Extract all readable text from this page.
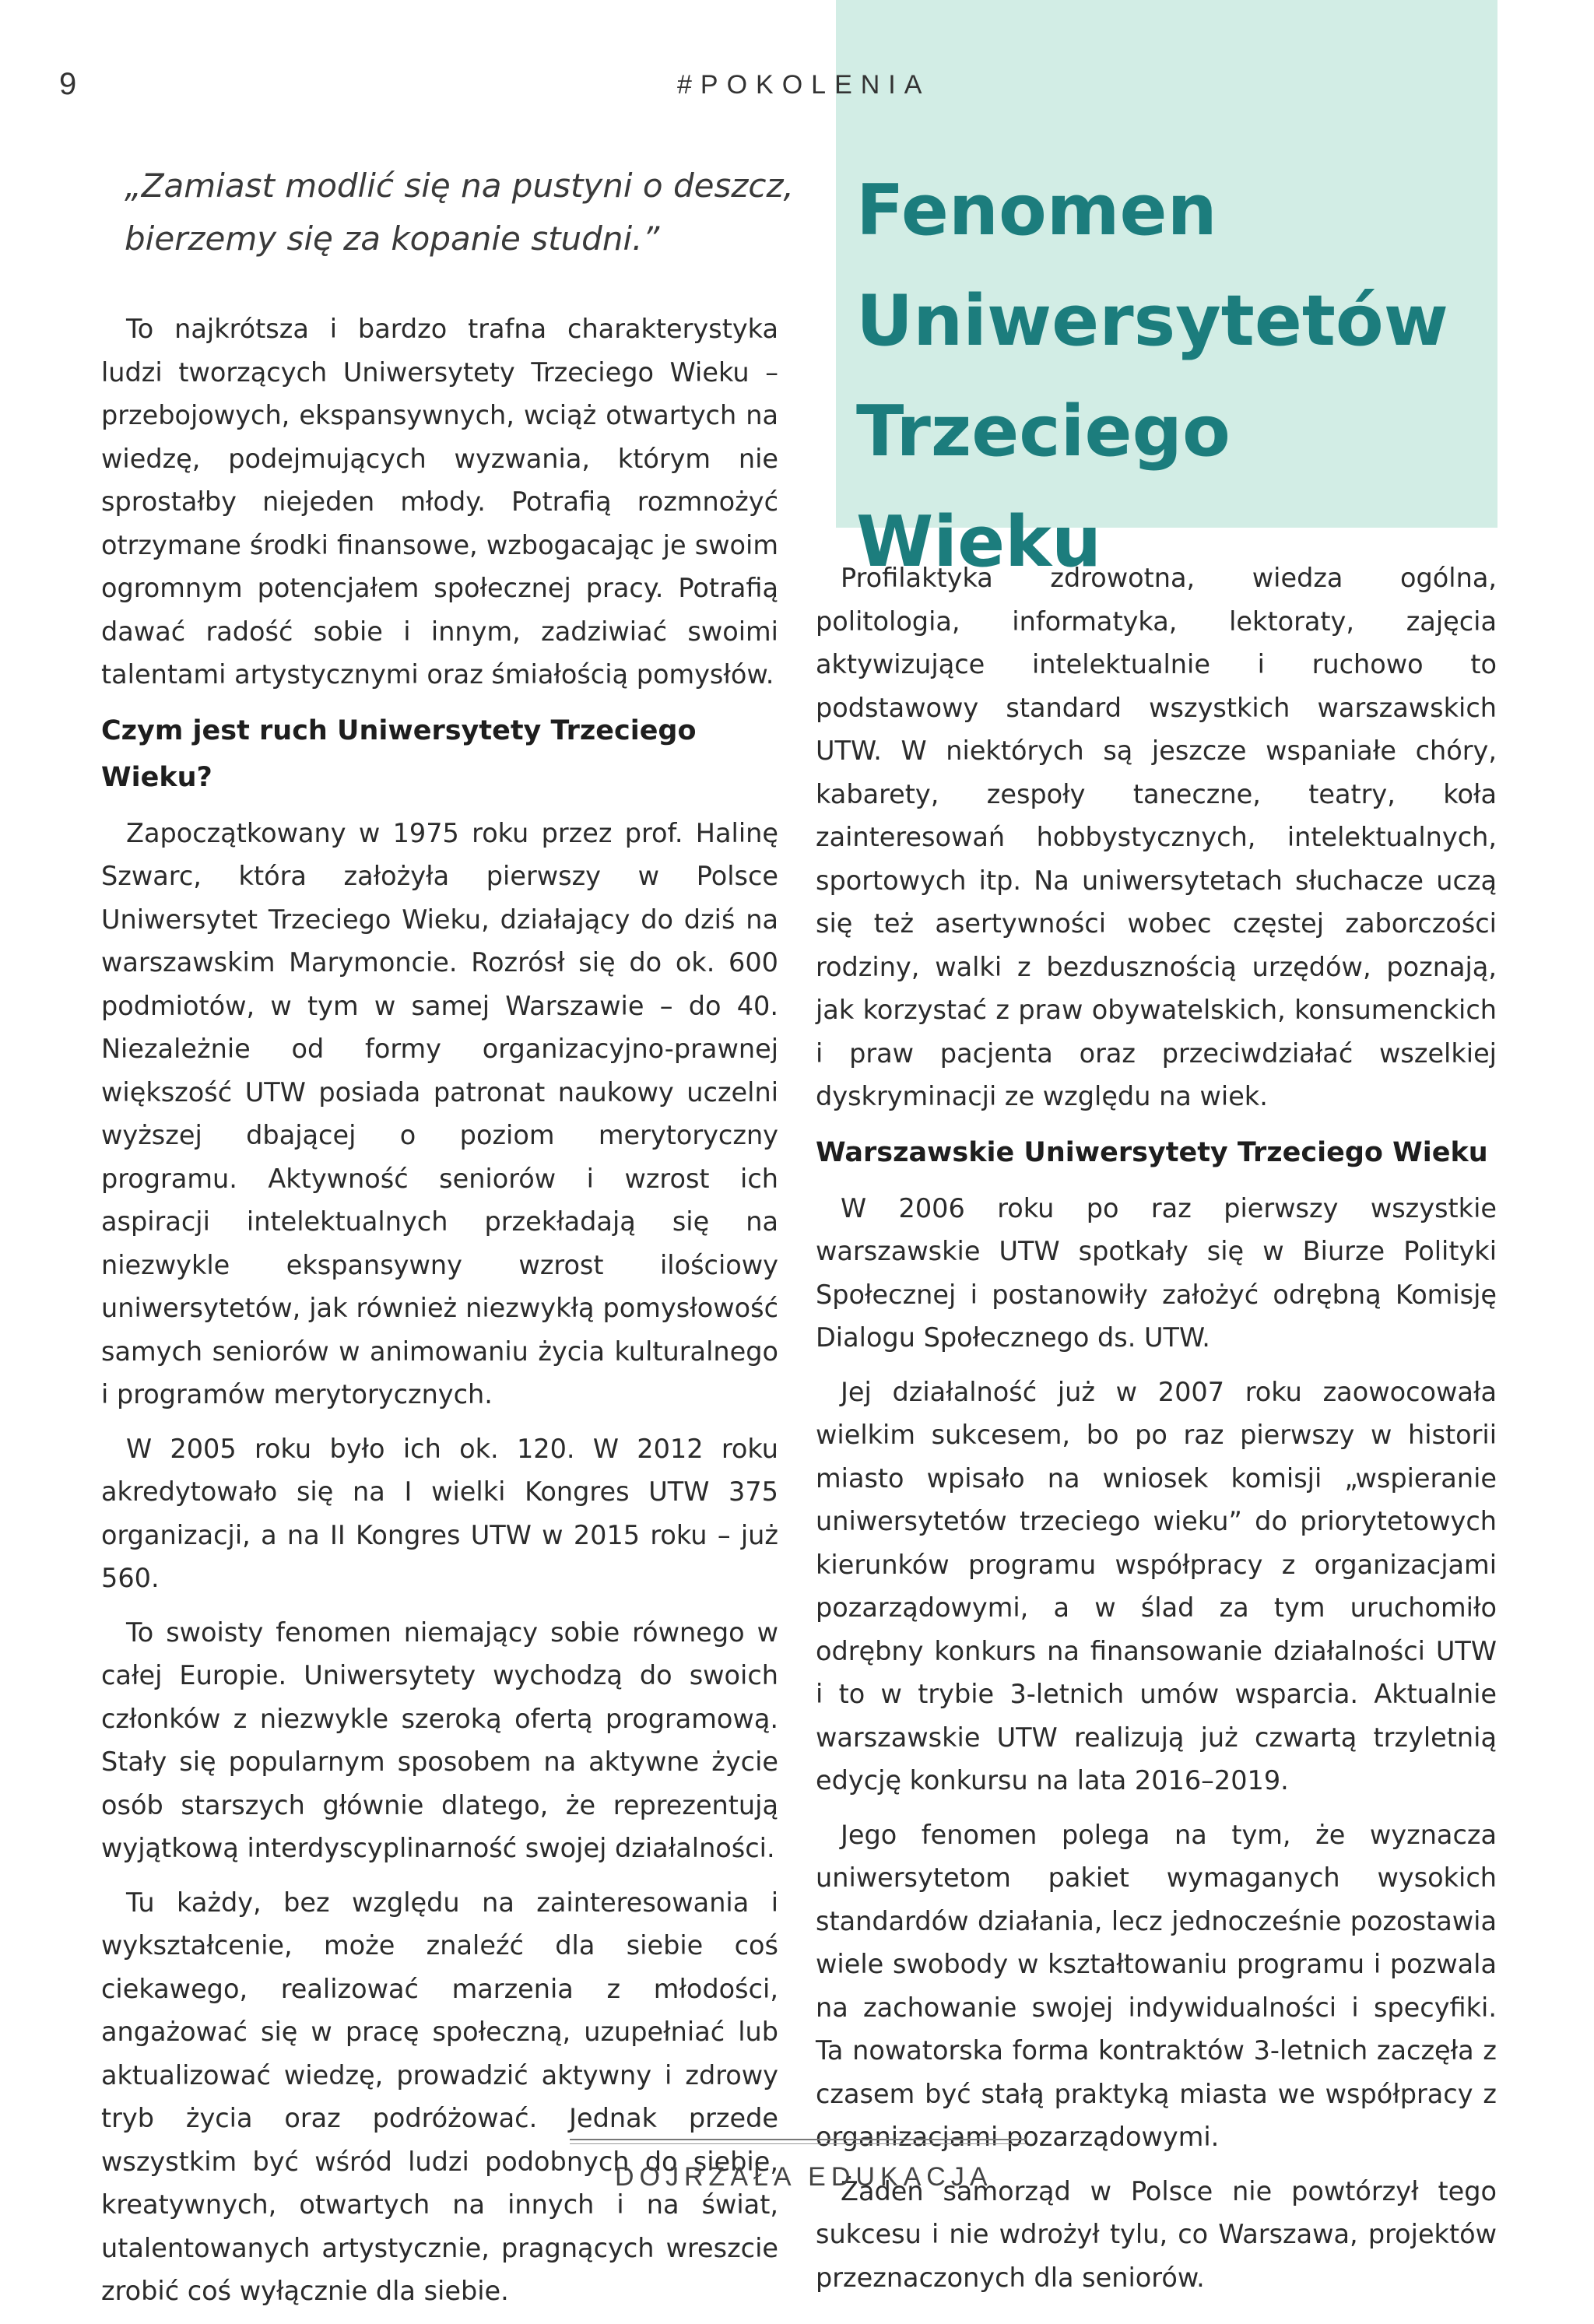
9	#POKOLENIA
Fenomen Uniwersytetów Trzeciego Wieku

„Zamiast modlić się na pustyni o deszcz, bierzemy się za kopanie studni.”

To najkrótsza i bardzo trafna charakterystyka ludzi tworzących Uniwersytety Trzeciego Wieku – przebojowych, ekspansywnych, wciąż otwartych na wiedzę, podejmujących wyzwania, którym nie sprostałby niejeden młody. Potrafią rozmnożyć otrzymane środki finansowe, wzbogacając je swoim ogromnym potencjałem społecznej pracy. Potrafią dawać radość sobie i innym, zadziwiać swoimi talentami artystycznymi oraz śmiałością pomysłów.

Czym jest ruch Uniwersytety Trzeciego Wieku?

Zapoczątkowany w 1975 roku przez prof. Halinę Szwarc, która założyła pierwszy w Polsce Uniwersytet Trzeciego Wieku, działający do dziś na warszawskim Marymoncie. Rozrósł się do ok. 600 podmiotów, w tym w samej Warszawie – do 40. Niezależnie od formy organizacyjno-prawnej większość UTW posiada patronat naukowy uczelni wyższej dbającej o poziom merytoryczny programu. Aktywność seniorów i wzrost ich aspiracji intelektualnych przekładają się na niezwykle ekspansywny wzrost ilościowy uniwersytetów, jak również niezwykłą pomysłowość samych seniorów w animowaniu życia kulturalnego i programów merytorycznych.

W 2005 roku było ich ok. 120. W 2012 roku akredytowało się na I wielki Kongres UTW 375 organizacji, a na II Kongres UTW w 2015 roku – już 560.

To swoisty fenomen niemający sobie równego w całej Europie. Uniwersytety wychodzą do swoich członków z niezwykle szeroką ofertą programową. Stały się popularnym sposobem na aktywne życie osób starszych głównie dlatego, że reprezentują wyjątkową interdyscyplinarność swojej działalności.

Tu każdy, bez względu na zainteresowania i wykształcenie, może znaleźć dla siebie coś ciekawego, realizować marzenia z młodości, angażować się w pracę społeczną, uzupełniać lub aktualizować wiedzę, prowadzić aktywny i zdrowy tryb życia oraz podróżować. Jednak przede wszystkim być wśród ludzi podobnych do siebie, kreatywnych, otwartych na innych i na świat, utalentowanych artystycznie, pragnących wreszcie zrobić coś wyłącznie dla siebie.

Profilaktyka zdrowotna, wiedza ogólna, politologia, informatyka, lektoraty, zajęcia aktywizujące intelektualnie i ruchowo to podstawowy standard wszystkich warszawskich UTW. W niektórych są jeszcze wspaniałe chóry, kabarety, zespoły taneczne, teatry, koła zainteresowań hobbystycznych, intelektualnych, sportowych itp. Na uniwersytetach słuchacze uczą się też asertywności wobec częstej zaborczości rodziny, walki z bezdusznością urzędów, poznają, jak korzystać z praw obywatelskich, konsumenckich i praw pacjenta oraz przeciwdziałać wszelkiej dyskryminacji ze względu na wiek.

Warszawskie Uniwersytety Trzeciego Wieku

W 2006 roku po raz pierwszy wszystkie warszawskie UTW spotkały się w Biurze Polityki Społecznej i postanowiły założyć odrębną Komisję Dialogu Społecznego ds. UTW.

Jej działalność już w 2007 roku zaowocowała wielkim sukcesem, bo po raz pierwszy w historii miasto wpisało na wniosek komisji „wspieranie uniwersytetów trzeciego wieku” do priorytetowych kierunków programu współpracy z organizacjami pozarządowymi, a w ślad za tym uruchomiło odrębny konkurs na finansowanie działalności UTW i to w trybie 3-letnich umów wsparcia. Aktualnie warszawskie UTW realizują już czwartą trzyletnią edycję konkursu na lata 2016–2019.

Jego fenomen polega na tym, że wyznacza uniwersytetom pakiet wymaganych wysokich standardów działania, lecz jednocześnie pozostawia wiele swobody w kształtowaniu programu i pozwala na zachowanie swojej indywidualności i specyfiki. Ta nowatorska forma kontraktów 3-letnich zaczęła z czasem być stałą praktyką miasta we współpracy z organizacjami pozarządowymi.

Żaden samorząd w Polsce nie powtórzył tego sukcesu i nie wdrożył tylu, co Warszawa, projektów przeznaczonych dla seniorów.

DOJRZAŁA EDUKACJA
